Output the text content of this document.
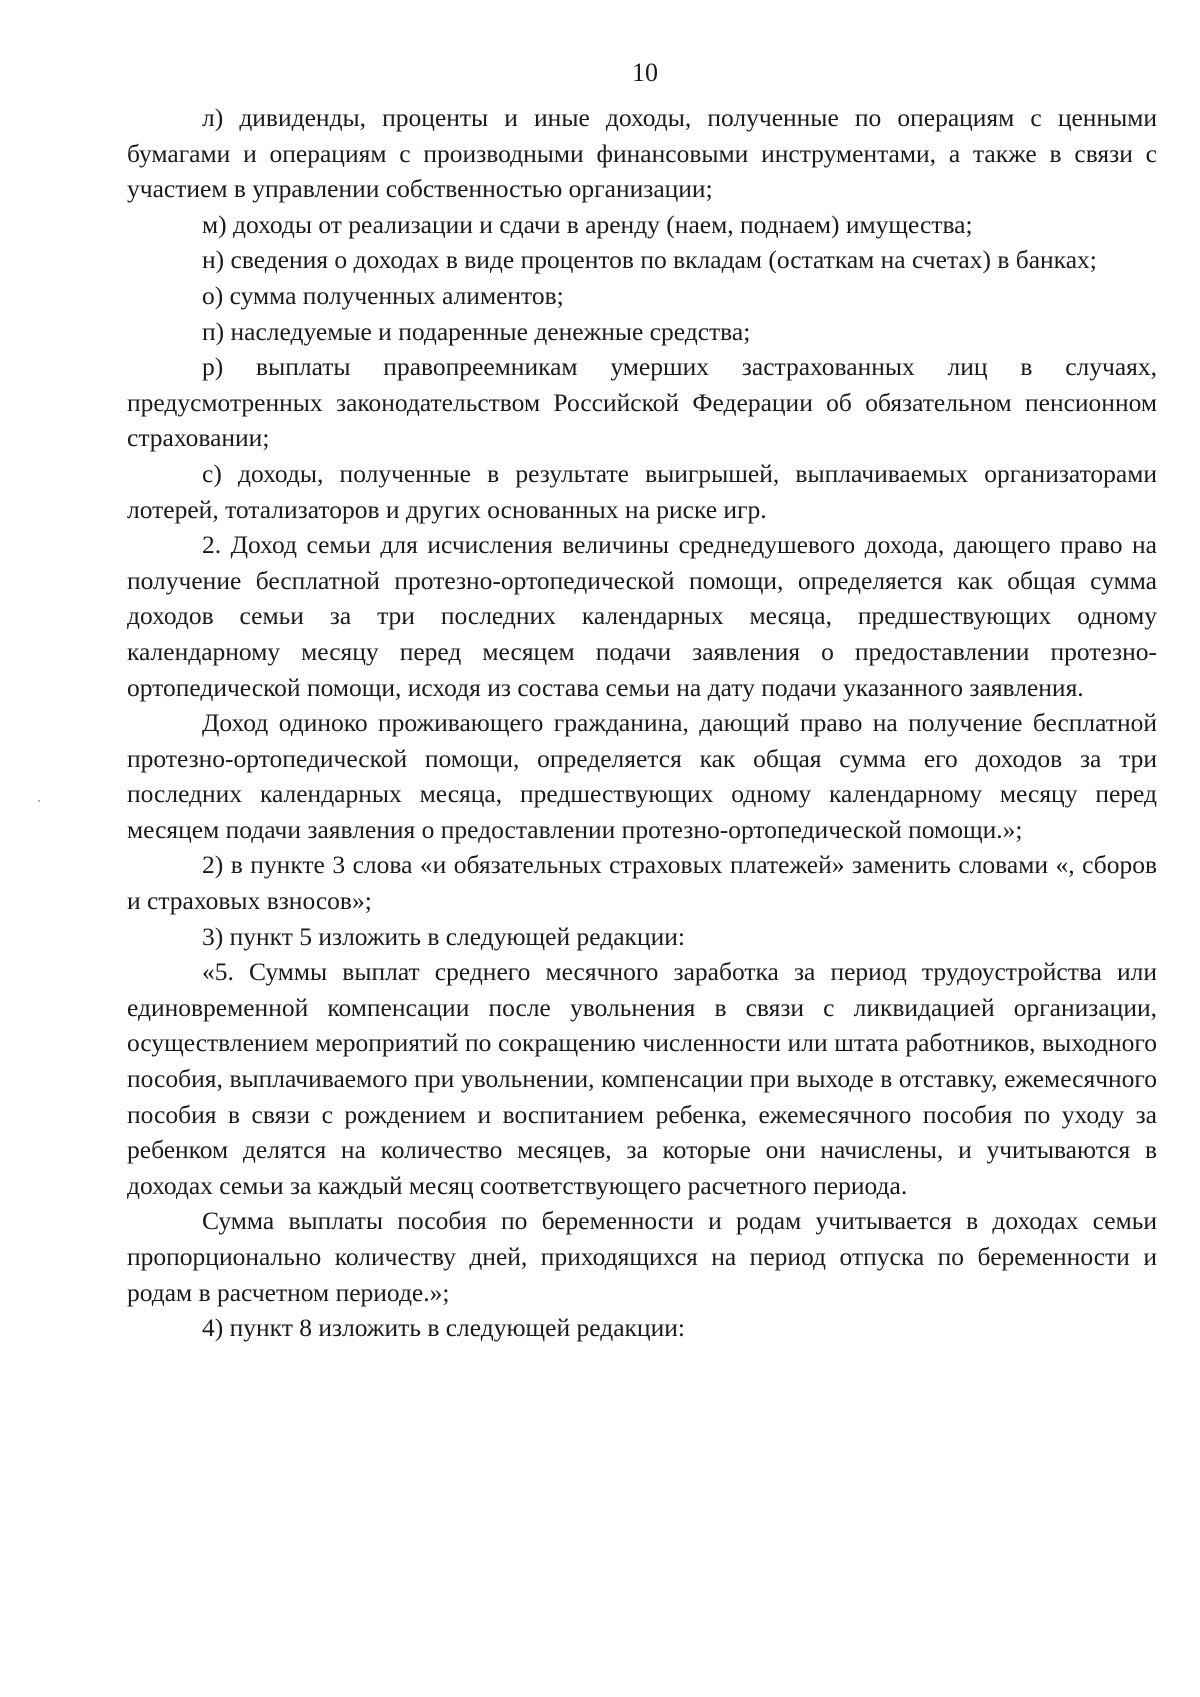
10

л) дивиденды, проценты и иные доходы, полученные по операциям с ценными бумагами и операциям с производными финансовыми инструментами, а также в связи с участием в управлении собственностью организации;

м) доходы от реализации и сдачи в аренду (наем, поднаем) имущества;

н) сведения о доходах в виде процентов по вкладам (остаткам на счетах) в банках;

о) сумма полученных алиментов;

п) наследуемые и подаренные денежные средства;

р) выплаты правопреемникам умерших застрахованных лиц в случаях, предусмотренных законодательством Российской Федерации об обязательном пенсионном страховании;

с) доходы, полученные в результате выигрышей, выплачиваемых организаторами лотерей, тотализаторов и других основанных на риске игр.

2. Доход семьи для исчисления величины среднедушевого дохода, дающего право на получение бесплатной протезно-ортопедической помощи, определяется как общая сумма доходов семьи за три последних календарных месяца, предшествующих одному календарному месяцу перед месяцем подачи заявления о предоставлении протезно-ортопедической помощи, исходя из состава семьи на дату подачи указанного заявления.

Доход одиноко проживающего гражданина, дающий право на получение бесплатной протезно-ортопедической помощи, определяется как общая сумма его доходов за три последних календарных месяца, предшествующих одному календарному месяцу перед месяцем подачи заявления о предоставлении протезно-ортопедической помощи.»;

2) в пункте 3 слова «и обязательных страховых платежей» заменить словами «, сборов и страховых взносов»;

3) пункт 5 изложить в следующей редакции:

«5. Суммы выплат среднего месячного заработка за период трудоустройства или единовременной компенсации после увольнения в связи с ликвидацией организации, осуществлением мероприятий по сокращению численности или штата работников, выходного пособия, выплачиваемого при увольнении, компенсации при выходе в отставку, ежемесячного пособия в связи с рождением и воспитанием ребенка, ежемесячного пособия по уходу за ребенком делятся на количество месяцев, за которые они начислены, и учитываются в доходах семьи за каждый месяц соответствующего расчетного периода.

Сумма выплаты пособия по беременности и родам учитывается в доходах семьи пропорционально количеству дней, приходящихся на период отпуска по беременности и родам в расчетном периоде.»;

4) пункт 8 изложить в следующей редакции:
